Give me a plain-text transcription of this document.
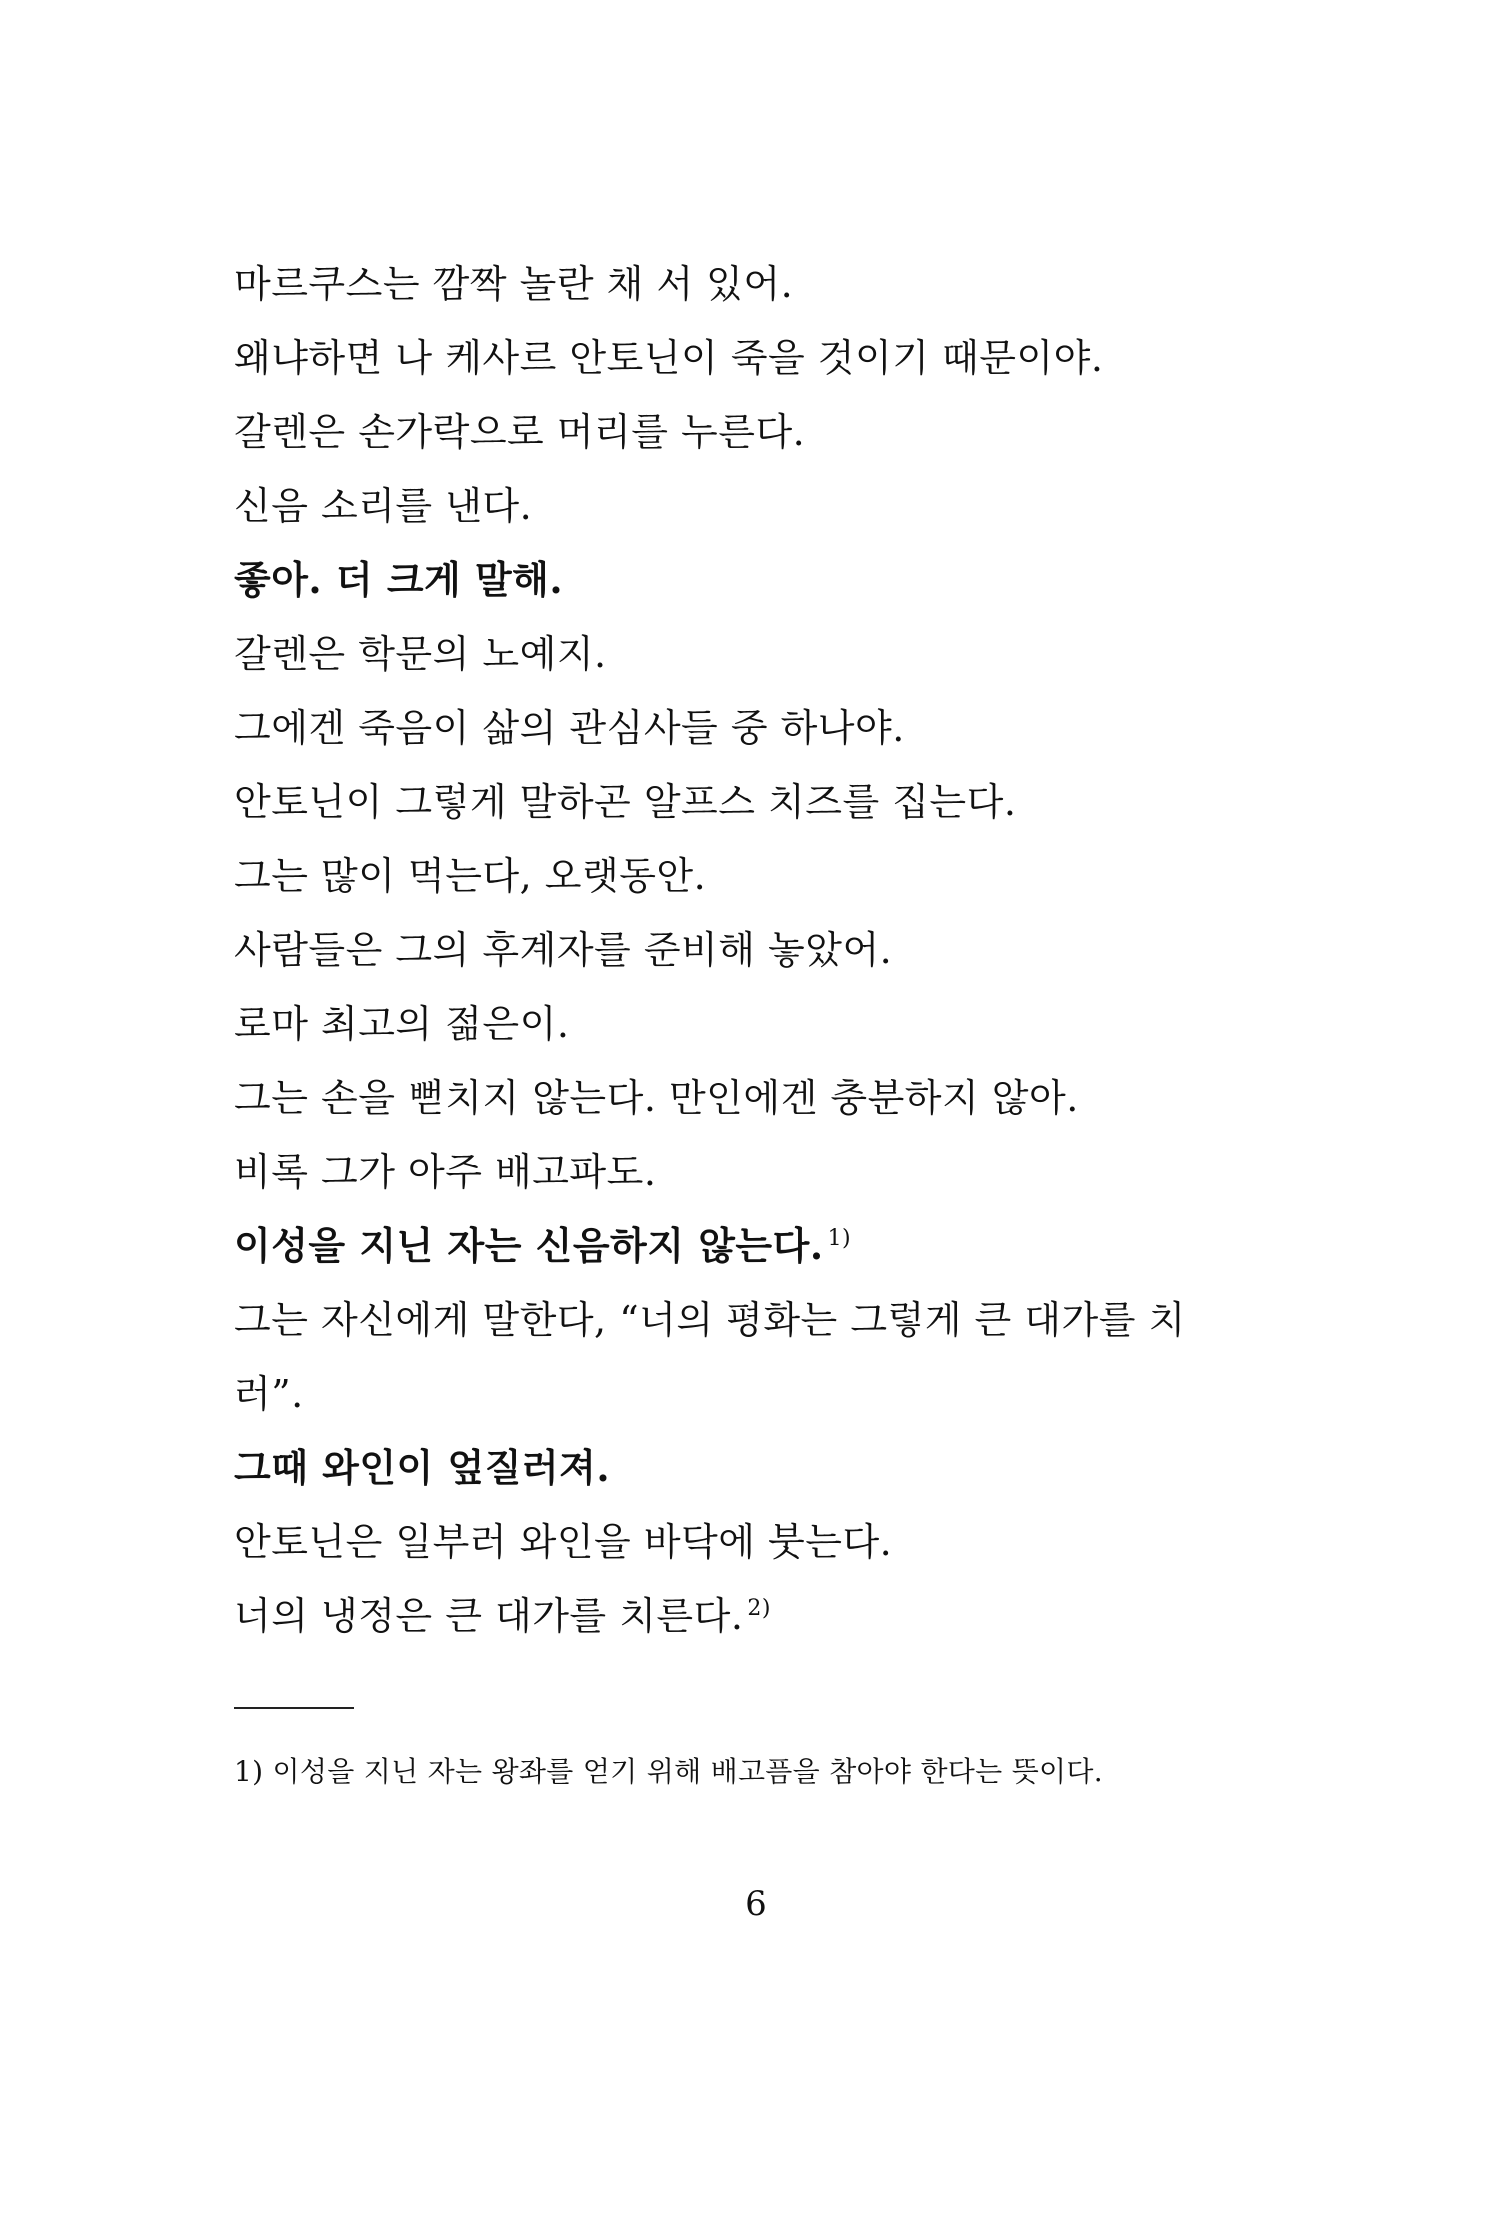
마르쿠스는 깜짝 놀란 채 서 있어.
왜냐하면 나 케사르 안토닌이 죽을 것이기 때문이야.
갈렌은 손가락으로 머리를 누른다.
신음 소리를 낸다.
좋아. 더 크게 말해.
갈렌은 학문의 노예지.
그에겐 죽음이 삶의 관심사들 중 하나야.
안토닌이 그렇게 말하곤 알프스 치즈를 집는다.
그는 많이 먹는다, 오랫동안.
사람들은 그의 후계자를 준비해 놓았어.
로마 최고의 젊은이.
그는 손을 뻗치지 않는다. 만인에겐 충분하지 않아.
비록 그가 아주 배고파도.
이성을 지닌 자는 신음하지 않는다. $^{1)}$
그는 자신에게 말한다, “너의 평화는 그렇게 큰 대가를 치
러”.
그때 와인이 엎질러져.
안토닌은 일부러 와인을 바닥에 붓는다.
너의 냉정은 큰 대가를 치른다. $^{2)}$
1) 이성을 지닌 자는 왕좌를 얻기 위해 배고픔을 참아야 한다는 뜻이다.
6
